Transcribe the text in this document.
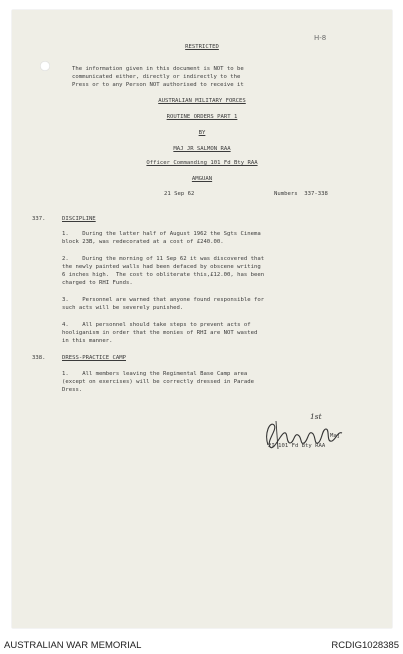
H-8
RESTRICTED
The information given in this document is NOT to be
communicated either, directly or indirectly to the
Press or to any Person NOT authorised to receive it
AUSTRALIAN MILITARY FORCES
ROUTINE ORDERS PART 1
BY
MAJ JR SALMON RAA
Officer Commanding 101 Fd Bty RAA
AMGUAN
21 Sep 62	Numbers  337-338
337.	DISCIPLINE
1.    During the latter half of August 1962 the Sgts Cinema
block 23B, was redecorated at a cost of £240.00.
2.    During the morning of 11 Sep 62 it was discovered that
the newly painted walls had been defaced by obscene writing
6 inches high.  The cost to obliterate this,£12.00, has been
charged to RHI Funds.
3.    Personnel are warned that anyone found responsible for
such acts will be severely punished.
4.    All personnel should take steps to prevent acts of
hooliganism in order that the monies of RHI are NOT wasted
in this manner.
338.	DRESS-PRACTICE CAMP
1.    All members leaving the Regimental Base Camp area
(except on exercises) will be correctly dressed in Parade
Dress.
1st
Maj
2I 101 Fd Bty RAA
AUSTRALIAN WAR MEMORIAL	RCDIG1028385
